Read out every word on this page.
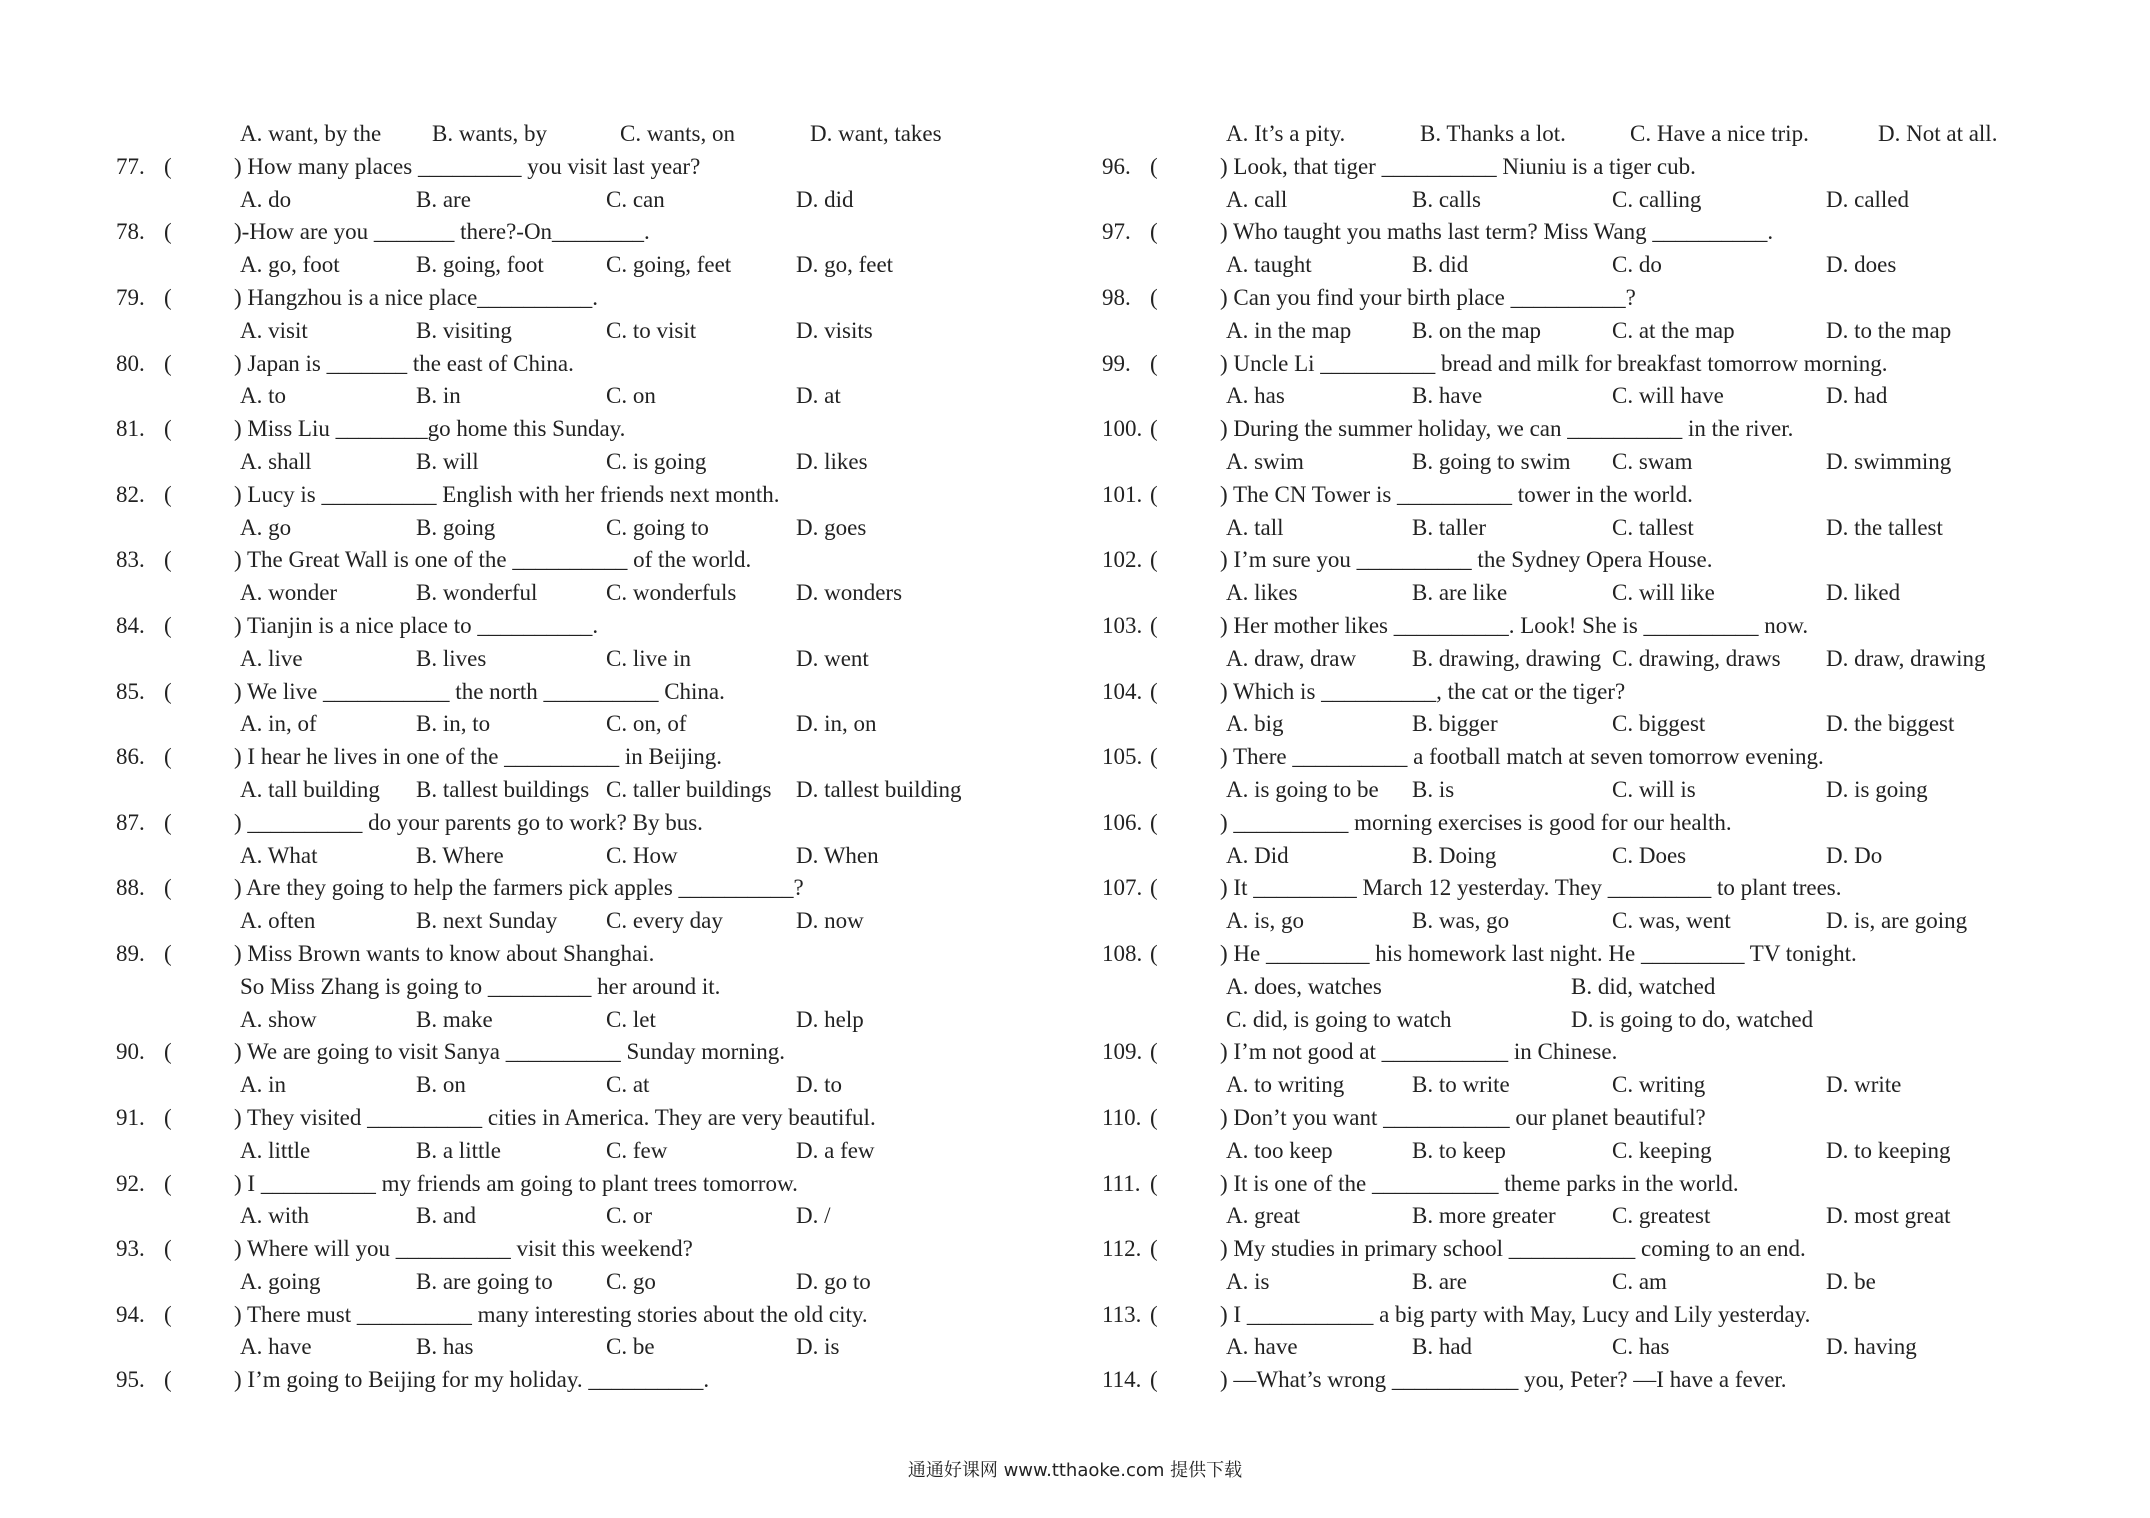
A. want, by the B. wants, by	C. wants, on	D. want, takes
77. (	) How many places _________ you visit last year?
A. do	B. are	C. can	D. did
78. (	)-How are you _______ there?-On________.
A. go, foot	B. going, foot	C. going, feet	D. go, feet
79. (	) Hangzhou is a nice place__________.
A. visit	B. visiting	C. to visit	D. visits
80. (	) Japan is _______ the east of China.
A. to	B. in	C. on	D. at
81. (	) Miss Liu ________go home this Sunday.
A. shall	B. will	C. is going	D. likes
82. (	) Lucy is __________ English with her friends next month.
A. go	B. going	C. going to	D. goes
83. (	) The Great Wall is one of the __________ of the world.
A. wonder	B. wonderful	C. wonderfuls	D. wonders
84. (	) Tianjin is a nice place to __________.
A. live	B. lives	C. live in	D. went
85. (	) We live ___________ the north __________ China.
A. in, of	B. in, to	C. on, of	D. in, on
86. (	) I hear he lives in one of the __________ in Beijing.
A. tall building B. tallest buildings C. taller buildings D. tallest building
87. (	) __________ do your parents go to work? By bus.
A. What	B. Where	C. How	D. When
88. (	) Are they going to help the farmers pick apples __________?
A. often	B. next Sunday C. every day	D. now
89. (	) Miss Brown wants to know about Shanghai.
So Miss Zhang is going to _________ her around it.
A. show	B. make	C. let	D. help
90. (	) We are going to visit Sanya __________ Sunday morning.
A. in	B. on	C. at	D. to
91. (	) They visited __________ cities in America. They are very beautiful.
A. little	B. a little	C. few	D. a few
92. (	) I __________ my friends am going to plant trees tomorrow.
A. with	B. and	C. or	D. /
93. (	) Where will you __________ visit this weekend?
A. going	B. are going to C. go	D. go to
94. (	) There must __________ many interesting stories about the old city.
A. have	B. has	C. be	D. is
95. (	) I’m going to Beijing for my holiday. __________.
A. It’s a pity.	B. Thanks a lot.	C. Have a nice trip.	D. Not at all.
96. (	) Look, that tiger __________ Niuniu is a tiger cub.
A. call	B. calls	C. calling	D. called
97. (	) Who taught you maths last term? Miss Wang __________.
A. taught	B. did	C. do	D. does
98. (	) Can you find your birth place __________?
A. in the map	B. on the map	C. at the map	D. to the map
99. (	) Uncle Li __________ bread and milk for breakfast tomorrow morning.
A. has	B. have	C. will have	D. had
100. (	) During the summer holiday, we can __________ in the river.
A. swim	B. going to swim C. swam	D. swimming
101. (	) The CN Tower is __________ tower in the world.
A. tall	B. taller	C. tallest	D. the tallest
102. (	) I’m sure you __________ the Sydney Opera House.
A. likes	B. are like	C. will like	D. liked
103. (	) Her mother likes __________. Look! She is __________ now.
A. draw, draw B. drawing, drawing C. drawing, draws D. draw, drawing
104. (	) Which is __________, the cat or the tiger?
A. big	B. bigger	C. biggest	D. the biggest
105. (	) There __________ a football match at seven tomorrow evening.
A. is going to be B. is	C. will is	D. is going
106. (	) __________ morning exercises is good for our health.
A. Did	B. Doing	C. Does	D. Do
107. (	) It _________ March 12 yesterday. They _________ to plant trees.
A. is, go	B. was, go	C. was, went	D. is, are going
108. (	) He _________ his homework last night. He _________ TV tonight.
A. does, watches	B. did, watched
C. did, is going to watch	D. is going to do, watched
109. (	) I’m not good at ___________ in Chinese.
A. to writing	B. to write	C. writing	D. write
110. (	) Don’t you want ___________ our planet beautiful?
A. too keep	B. to keep	C. keeping	D. to keeping
111. (	) It is one of the ___________ theme parks in the world.
A. great	B. more greater C. greatest	D. most great
112. (	) My studies in primary school ___________ coming to an end.
A. is	B. are	C. am	D. be
113. (	) I ___________ a big party with May, Lucy and Lily yesterday.
A. have	B. had	C. has	D. having
114. (	) —What’s wrong ___________ you, Peter? —I have a fever.
通通好课网 www.tthaoke.com 提供下载
